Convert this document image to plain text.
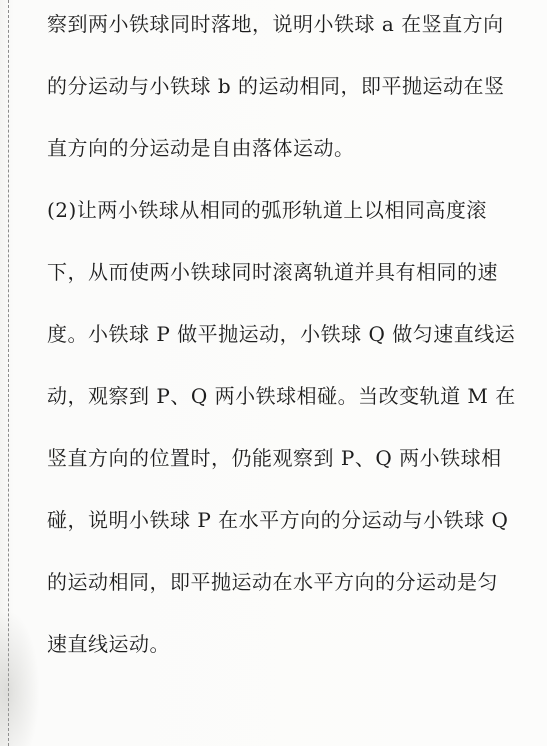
察到两小铁球同时落地，说明小铁球 a 在竖直方向
的分运动与小铁球 b 的运动相同，即平抛运动在竖
直方向的分运动是自由落体运动。
(2)让两小铁球从相同的弧形轨道上以相同高度滚
下，从而使两小铁球同时滚离轨道并具有相同的速
度。小铁球 P 做平抛运动，小铁球 Q 做匀速直线运
动，观察到 P、Q 两小铁球相碰。当改变轨道 M 在
竖直方向的位置时，仍能观察到 P、Q 两小铁球相
碰，说明小铁球 P 在水平方向的分运动与小铁球 Q
的运动相同，即平抛运动在水平方向的分运动是匀
速直线运动。
